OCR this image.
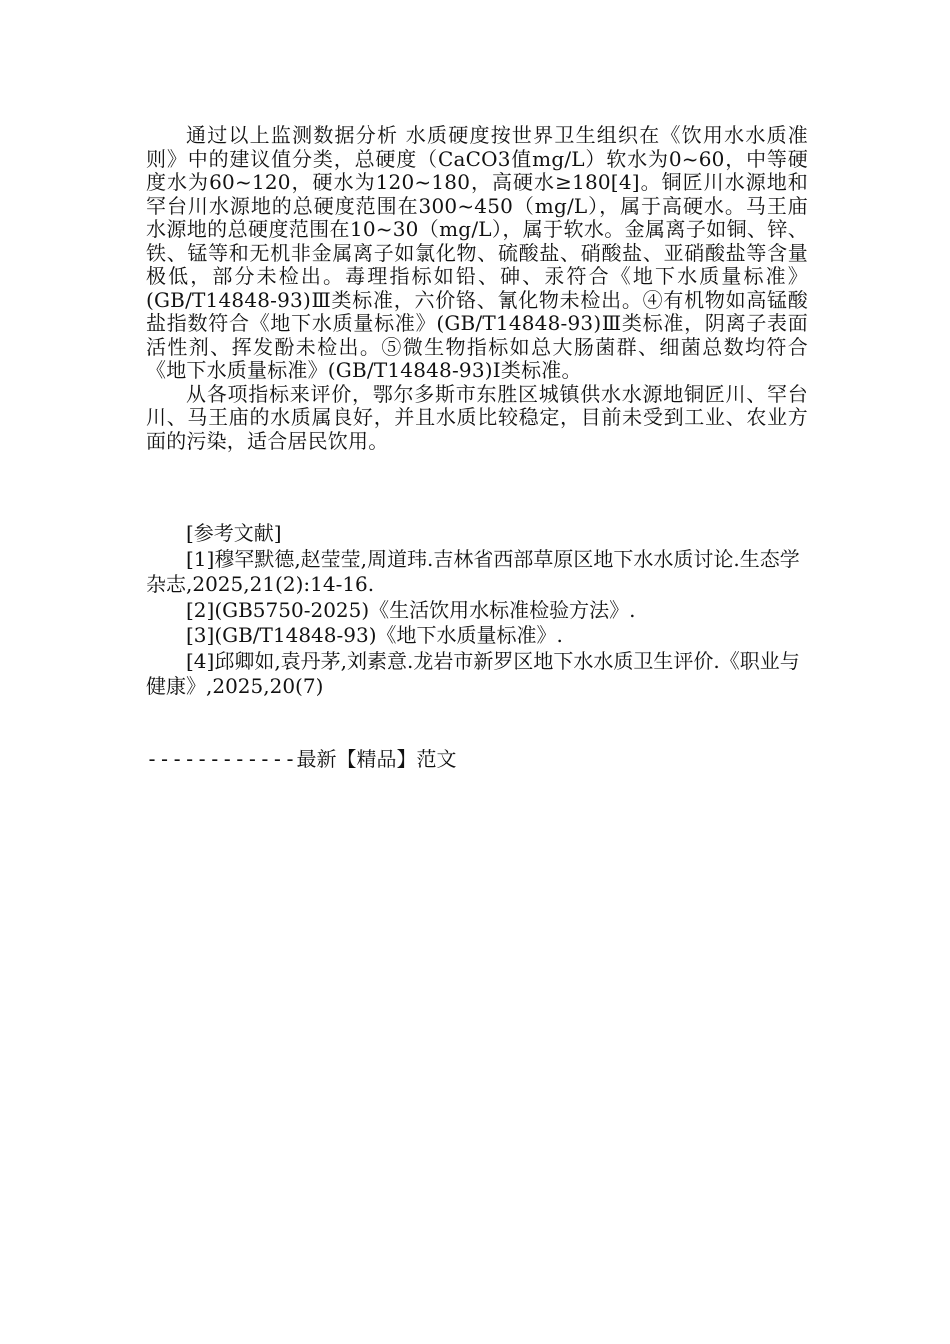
通过以上监测数据分析 水质硬度按世界卫生组织在《饮用水水质准则》中的建议值分类，总硬度（CaCO3值mg/L）软水为0~60，中等硬度水为60~120，硬水为120~180，高硬水≥180[4]。铜匠川水源地和罕台川水源地的总硬度范围在300~450（mg/L），属于高硬水。马王庙水源地的总硬度范围在10~30（mg/L），属于软水。金属离子如铜、锌、铁、锰等和无机非金属离子如氯化物、硫酸盐、硝酸盐、亚硝酸盐等含量极低，部分未检出。毒理指标如铅、砷、汞符合《地下水质量标准》(GB/T14848-93)Ⅲ类标准，六价铬、氰化物未检出。④有机物如高锰酸盐指数符合《地下水质量标准》(GB/T14848-93)Ⅲ类标准，阴离子表面活性剂、挥发酚未检出。⑤微生物指标如总大肠菌群、细菌总数均符合《地下水质量标准》(GB/T14848-93)Ⅰ类标准。

从各项指标来评价，鄂尔多斯市东胜区城镇供水水源地铜匠川、罕台川、马王庙的水质属良好，并且水质比较稳定，目前未受到工业、农业方面的污染，适合居民饮用。

[参考文献]

[1]穆罕默德,赵莹莹,周道玮.吉林省西部草原区地下水水质讨论.生态学杂志,2025,21(2):14-16.

[2](GB5750-2025)《生活饮用水标准检验方法》.

[3](GB/T14848-93)《地下水质量标准》.

[4]邱卿如,袁丹茅,刘素意.龙岩市新罗区地下水水质卫生评价.《职业与健康》,2025,20(7)

------------最新【精品】范文
